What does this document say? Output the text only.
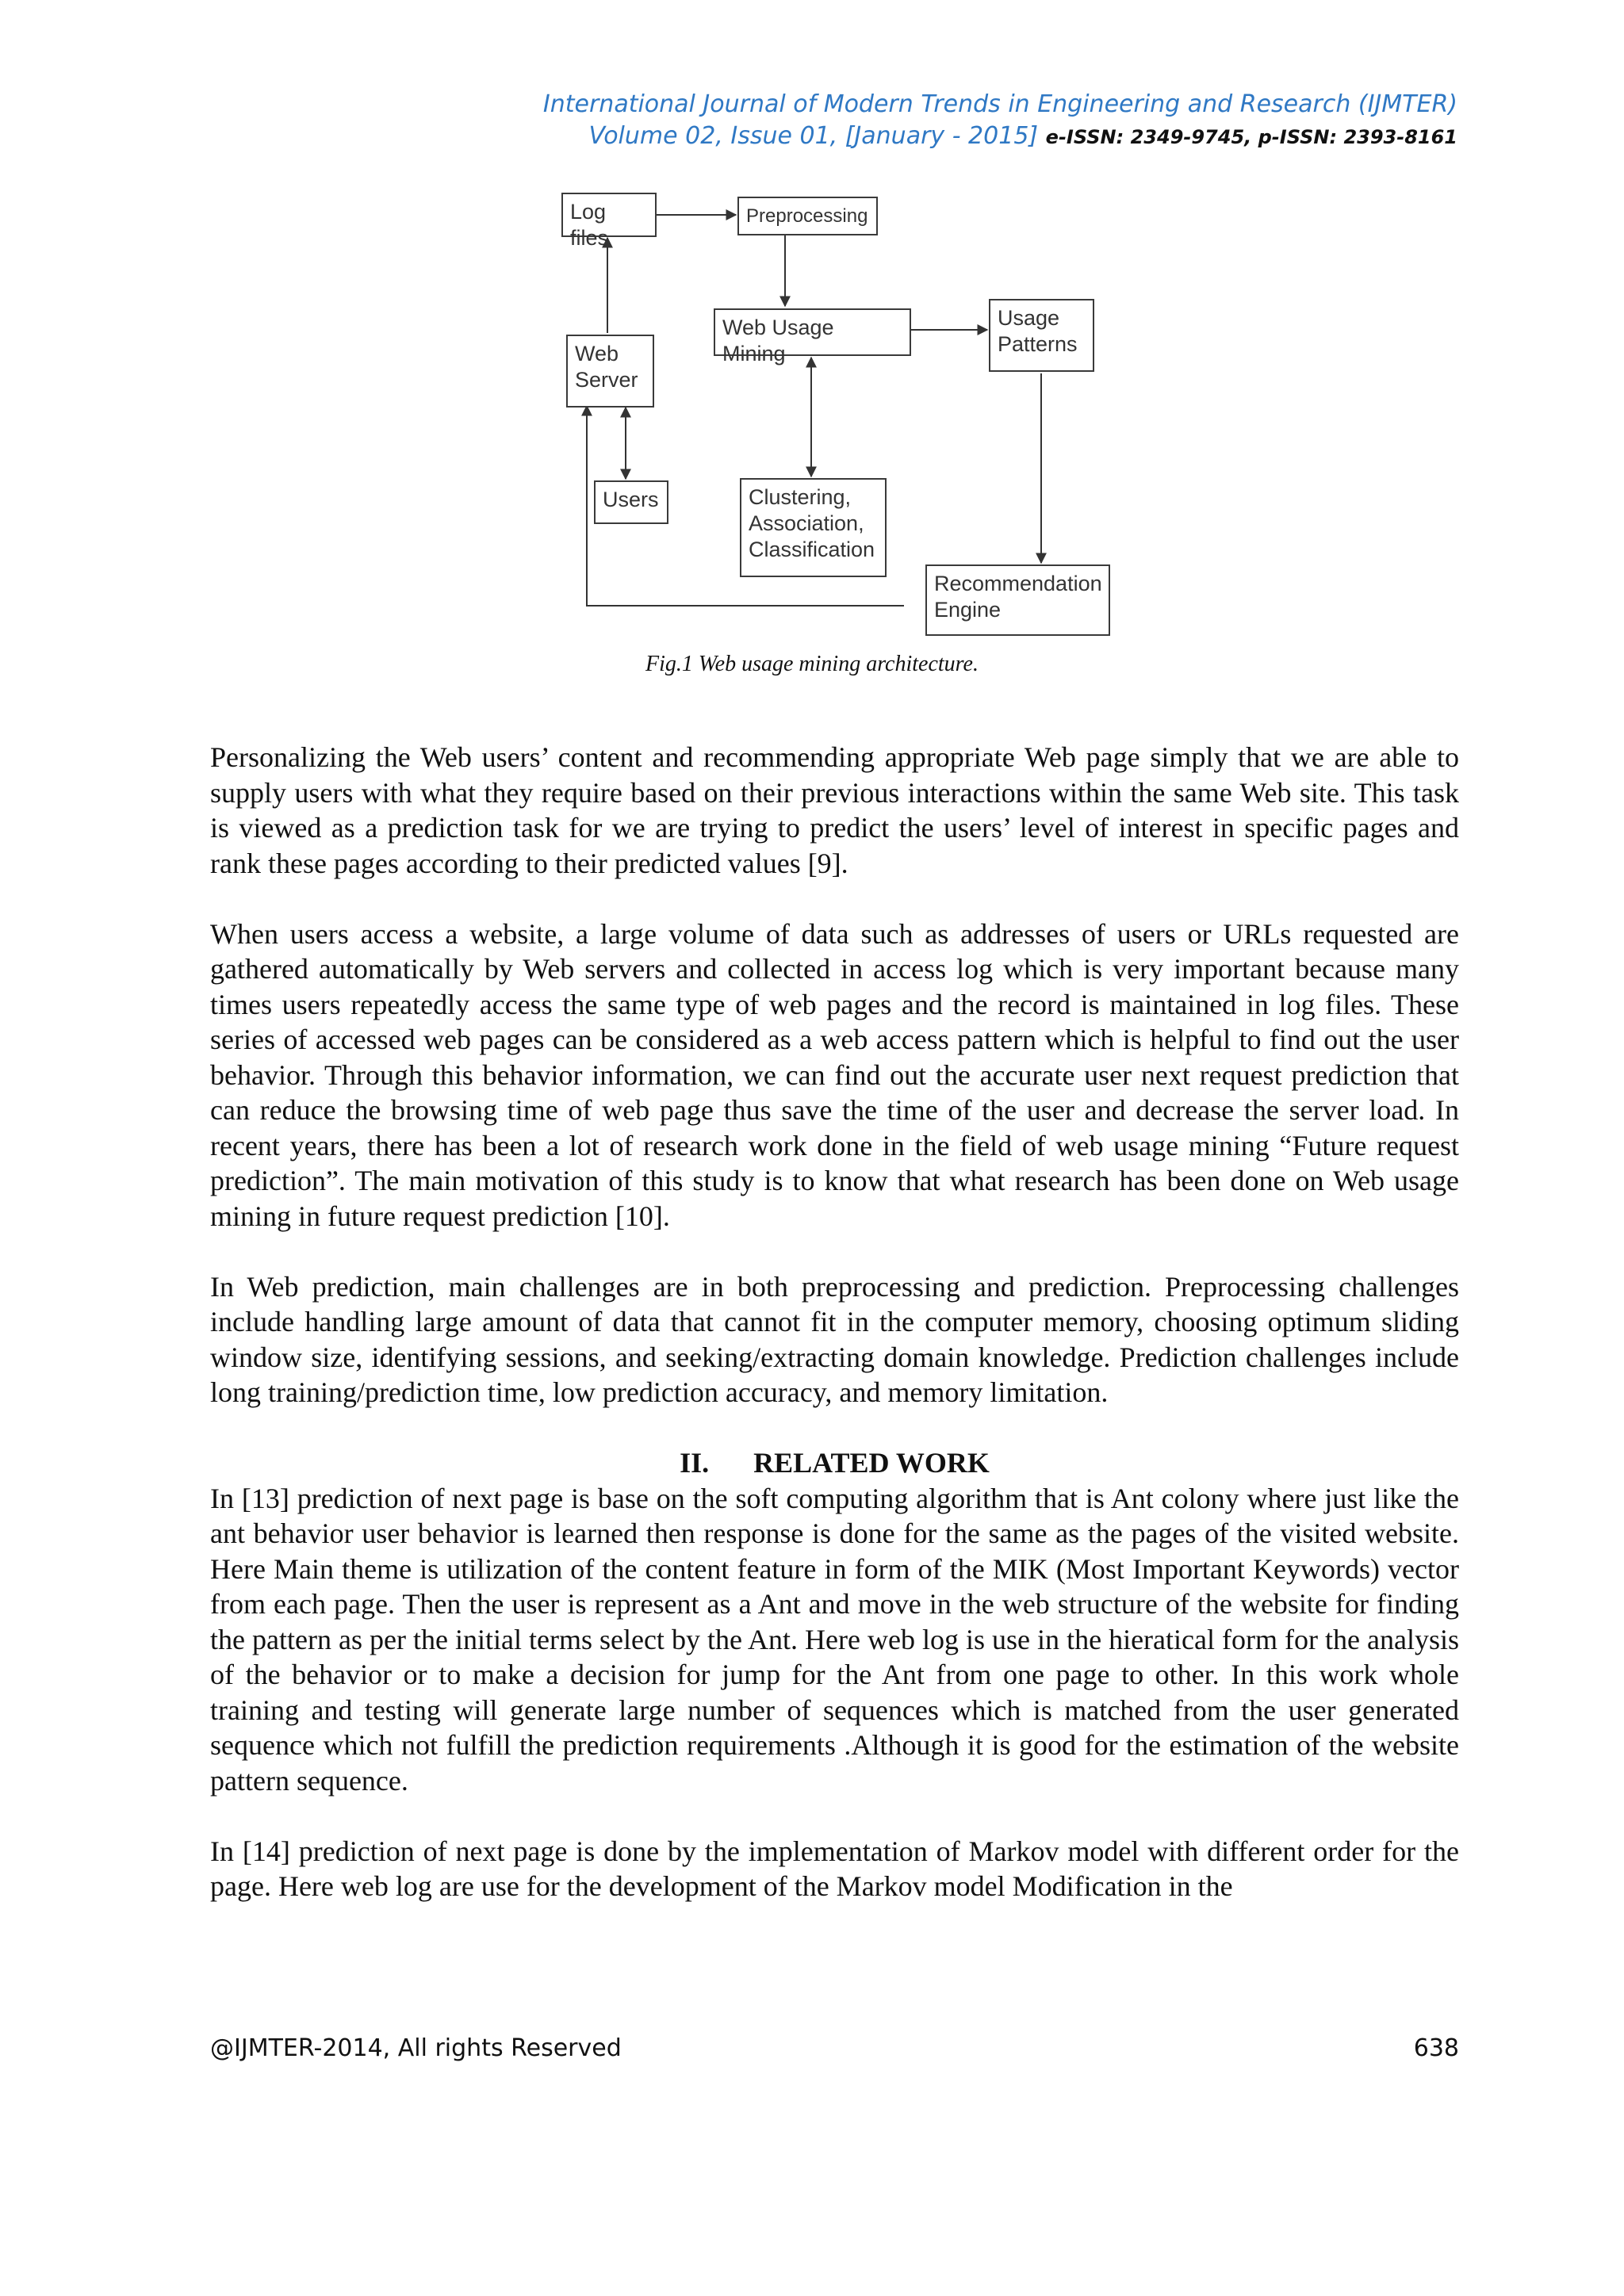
International Journal of Modern Trends in Engineering and Research (IJMTER)
Volume 02, Issue 01, [January - 2015] e-ISSN: 2349-9745, p-ISSN: 2393-8161
Log files
Preprocessing
Web Usage Mining
Usage
Patterns
Web
Server
Users	Clustering,
Association,
Classification
Recommendation
Engine
Fig.1 Web usage mining architecture.

Personalizing the Web users’ content and recommending appropriate Web page simply that we are able to supply users with what they require based on their previous interactions within the same Web site. This task is viewed as a prediction task for we are trying to predict the users’ level of interest in specific pages and rank these pages according to their predicted values [9].

When users access a website, a large volume of data such as addresses of users or URLs requested are gathered automatically by Web servers and collected in access log which is very important because many times users repeatedly access the same type of web pages and the record is maintained in log files. These series of accessed web pages can be considered as a web access pattern which is helpful to find out the user behavior. Through this behavior information, we can find out the accurate user next request prediction that can reduce the browsing time of web page thus save the time of the user and decrease the server load. In recent years, there has been a lot of research work done in the field of web usage mining “Future request prediction”. The main motivation of this study is to know that what research has been done on Web usage mining in future request prediction [10].

In Web prediction, main challenges are in both preprocessing and prediction. Preprocessing challenges include handling large amount of data that cannot fit in the computer memory, choosing optimum sliding window size, identifying sessions, and seeking/extracting domain knowledge. Prediction challenges include long training/prediction time, low prediction accuracy, and memory limitation.

II. RELATED WORK

In [13] prediction of next page is base on the soft computing algorithm that is Ant colony where just like the ant behavior user behavior is learned then response is done for the same as the pages of the visited website. Here Main theme is utilization of the content feature in form of the MIK (Most Important Keywords) vector from each page. Then the user is represent as a Ant and move in the web structure of the website for finding the pattern as per the initial terms select by the Ant. Here web log is use in the hieratical form for the analysis of the behavior or to make a decision for jump for the Ant from one page to other. In this work whole training and testing will generate large number of sequences which is matched from the user generated sequence which not fulfill the prediction requirements .Although it is good for the estimation of the website pattern sequence.

In [14] prediction of next page is done by the implementation of Markov model with different order for the page. Here web log are use for the development of the Markov model Modification in the

@IJMTER-2014, All rights Reserved	638
